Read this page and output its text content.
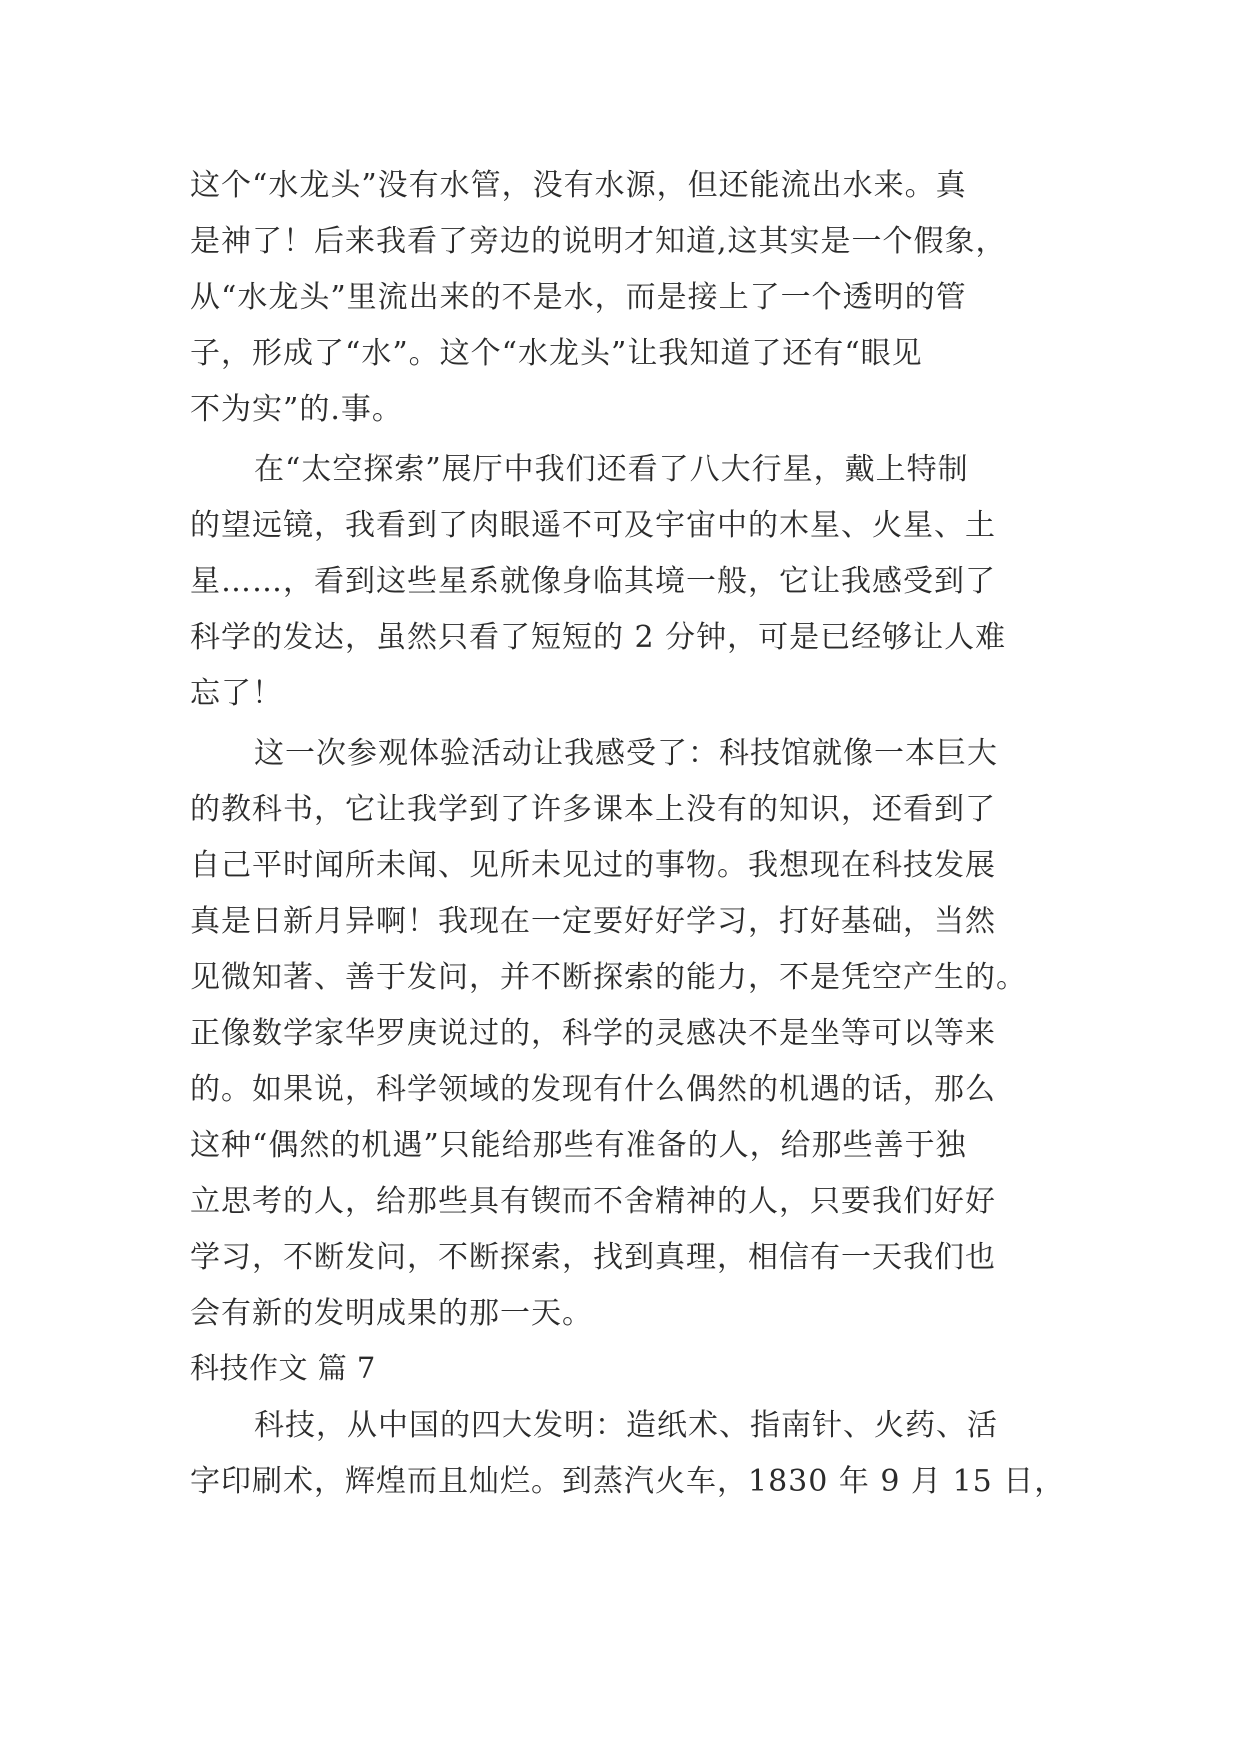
这个“水龙头”没有水管，没有水源，但还能流出水来。真
是神了！后来我看了旁边的说明才知道,这其实是一个假象，
从“水龙头”里流出来的不是水，而是接上了一个透明的管
子，形成了“水”。这个“水龙头”让我知道了还有“眼见
不为实”的.事。
在“太空探索”展厅中我们还看了八大行星，戴上特制
的望远镜，我看到了肉眼遥不可及宇宙中的木星、火星、土
星……，看到这些星系就像身临其境一般，它让我感受到了
科学的发达，虽然只看了短短的 2 分钟，可是已经够让人难
忘了！
这一次参观体验活动让我感受了：科技馆就像一本巨大
的教科书，它让我学到了许多课本上没有的知识，还看到了
自己平时闻所未闻、见所未见过的事物。我想现在科技发展
真是日新月异啊！我现在一定要好好学习，打好基础，当然
见微知著、善于发问，并不断探索的能力，不是凭空产生的。
正像数学家华罗庚说过的，科学的灵感决不是坐等可以等来
的。如果说，科学领域的发现有什么偶然的机遇的话，那么
这种“偶然的机遇”只能给那些有准备的人，给那些善于独
立思考的人，给那些具有锲而不舍精神的人，只要我们好好
学习，不断发问，不断探索，找到真理，相信有一天我们也
会有新的发明成果的那一天。
科技作文 篇 7
科技，从中国的四大发明：造纸术、指南针、火药、活
字印刷术，辉煌而且灿烂。到蒸汽火车，1830 年 9 月 15 日，
